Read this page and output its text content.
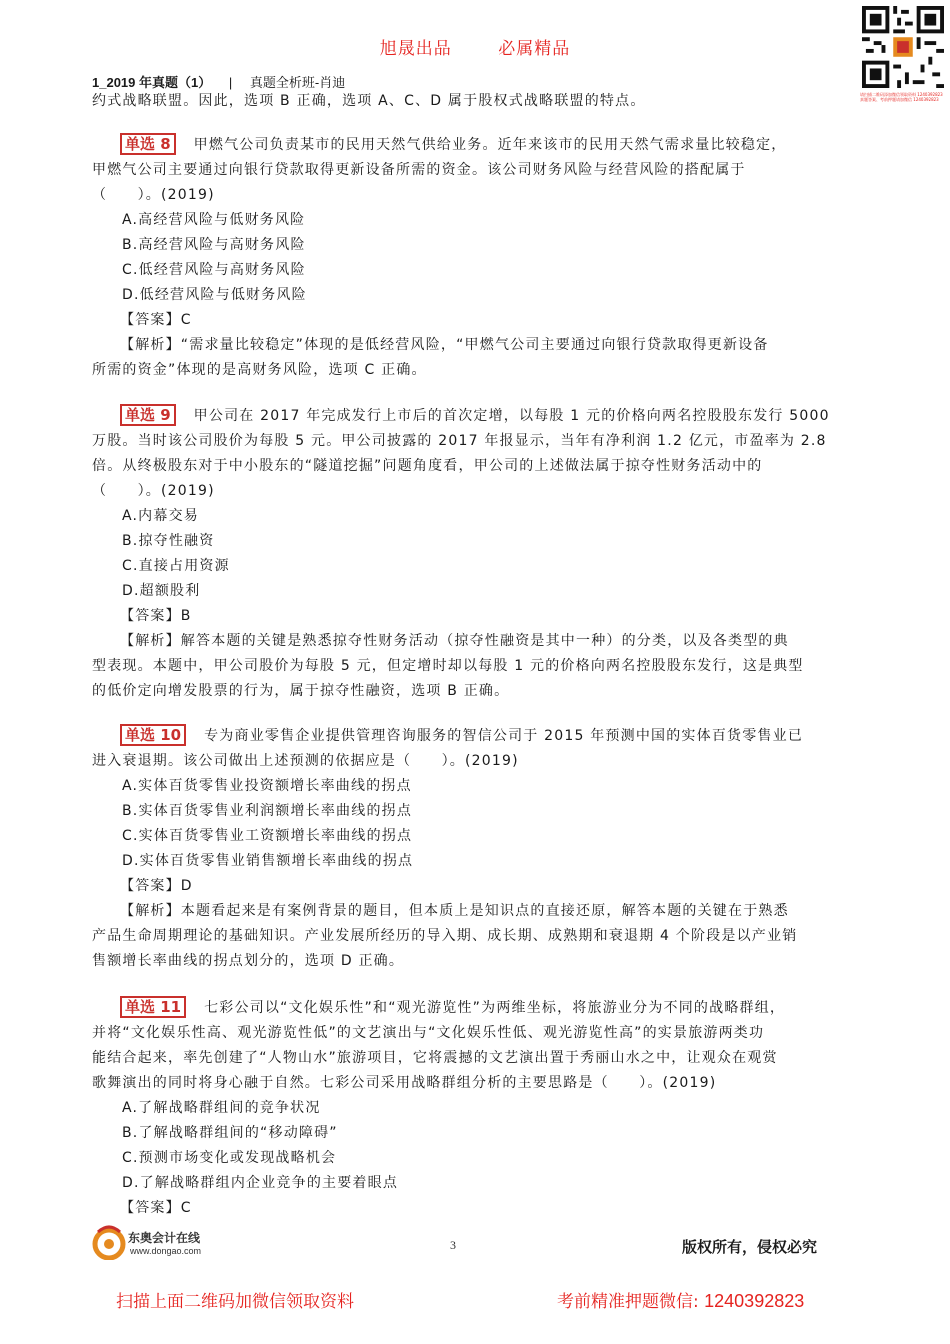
旭晟出品	必属精品
1_2019 年真题（1） | 真题全析班-肖迪
请扫描二维码添加微信领取资料 1240392823 真题答案、考前押题请加微信 1240392823
约式战略联盟。因此，选项 B 正确，选项 A、C、D 属于股权式战略联盟的特点。
单选 8 甲燃气公司负责某市的民用天然气供给业务。近年来该市的民用天然气需求量比较稳定，
甲燃气公司主要通过向银行贷款取得更新设备所需的资金。该公司财务风险与经营风险的搭配属于
（　　）。(2019)
A.高经营风险与低财务风险
B.高经营风险与高财务风险
C.低经营风险与高财务风险
D.低经营风险与低财务风险
【答案】C
【解析】“需求量比较稳定”体现的是低经营风险，“甲燃气公司主要通过向银行贷款取得更新设备
所需的资金”体现的是高财务风险，选项 C 正确。
单选 9 甲公司在 2017 年完成发行上市后的首次定增，以每股 1 元的价格向两名控股股东发行 5000
万股。当时该公司股价为每股 5 元。甲公司披露的 2017 年报显示，当年有净利润 1.2 亿元，市盈率为 2.8
倍。从终极股东对于中小股东的“隧道挖掘”问题角度看，甲公司的上述做法属于掠夺性财务活动中的
（　　）。(2019)
A.内幕交易
B.掠夺性融资
C.直接占用资源
D.超额股利
【答案】B
【解析】解答本题的关键是熟悉掠夺性财务活动（掠夺性融资是其中一种）的分类，以及各类型的典
型表现。本题中，甲公司股价为每股 5 元，但定增时却以每股 1 元的价格向两名控股股东发行，这是典型
的低价定向增发股票的行为，属于掠夺性融资，选项 B 正确。
单选 10 专为商业零售企业提供管理咨询服务的智信公司于 2015 年预测中国的实体百货零售业已
进入衰退期。该公司做出上述预测的依据应是（　　）。(2019)
A.实体百货零售业投资额增长率曲线的拐点
B.实体百货零售业利润额增长率曲线的拐点
C.实体百货零售业工资额增长率曲线的拐点
D.实体百货零售业销售额增长率曲线的拐点
【答案】D
【解析】本题看起来是有案例背景的题目，但本质上是知识点的直接还原，解答本题的关键在于熟悉
产品生命周期理论的基础知识。产业发展所经历的导入期、成长期、成熟期和衰退期 4 个阶段是以产业销
售额增长率曲线的拐点划分的，选项 D 正确。
单选 11 七彩公司以“文化娱乐性”和“观光游览性”为两维坐标，将旅游业分为不同的战略群组，
并将“文化娱乐性高、观光游览性低”的文艺演出与“文化娱乐性低、观光游览性高”的实景旅游两类功
能结合起来，率先创建了“人物山水”旅游项目，它将震撼的文艺演出置于秀丽山水之中，让观众在观赏
歌舞演出的同时将身心融于自然。七彩公司采用战略群组分析的主要思路是（　　）。(2019)
A.了解战略群组间的竞争状况
B.了解战略群组间的“移动障碍”
C.预测市场变化或发现战略机会
D.了解战略群组内企业竞争的主要着眼点
【答案】C
东奥会计在线
www.dongao.com	3	版权所有，侵权必究
扫描上面二维码加微信领取资料	考前精准押题微信: 1240392823
